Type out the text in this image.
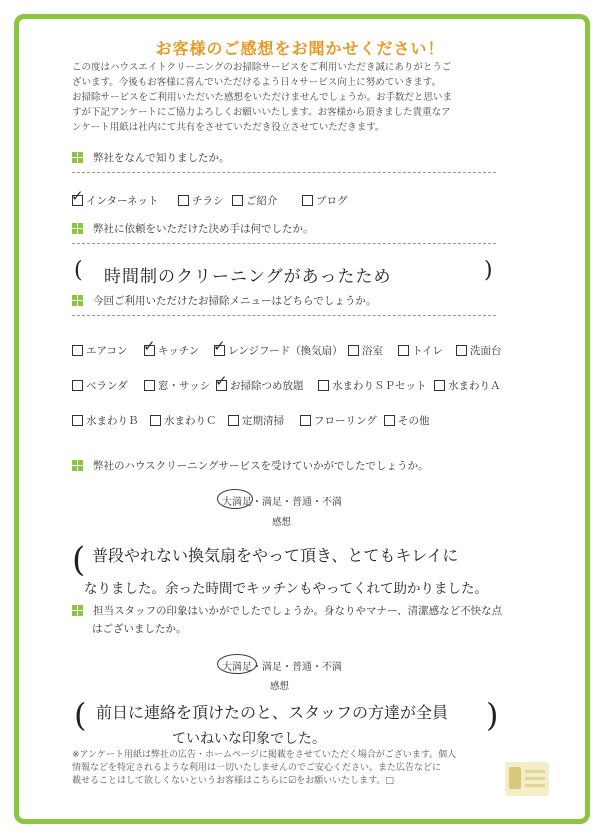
お客様のご感想をお聞かせください！
この度はハウスエイトクリーニングのお掃除サービスをご利用いただき誠にありがとうご
ざいます。今後もお客様に喜んでいただけるよう日々サービス向上に努めていきます。
お掃除サービスをご利用いただいた感想をいただけませんでしょうか。お手数だと思いま
すが下記アンケートにご協力よろしくお願いいたします。お客様から頂きました貴重なア
ンケート用紙は社内にて共有をさせていただき役立させていただきます。
弊社をなんで知りましたか。
✓ インターネット	チラシ ご紹介	ブログ
弊社に依頼をいただけた決め手は何でしたか。
( 時間制のクリーニングがあったため	)
今回ご利用いただけたお掃除メニューはどちらでしょうか。
エアコン ✓ キッチン ✓ レンジフード（換気扇） 浴室	トイレ	洗面台
ベランダ	窓・サッシ ✓ お掃除つめ放題	水まわりＳＰセット 水まわりＡ
水まわりＢ 水まわりＣ 定期清掃	フローリング その他
弊社のハウスクリーニングサービスを受けていかがでしたでしょうか。
大満足・満足・普通・不満
感想
( 普段やれない換気扇をやって頂き、とてもキレイに
なりました。余った時間でキッチンもやってくれて助かりました。
担当スタッフの印象はいかがでしたでしょうか。身なりやマナー、清潔感など不快な点
はございましたか。
大満足・満足・普通・不満
感想
( 前日に連絡を頂けたのと、スタッフの方達が全員 )
ていねいな印象でした。
※アンケート用紙は弊社の広告・ホームページに掲載をさせていただく場合がございます。個人
情報などを特定されるような利用は一切いたしませんのでご安心ください。また広告などに
載せることはして欲しくないというお客様はこちらに☑をお願いいたします。□
